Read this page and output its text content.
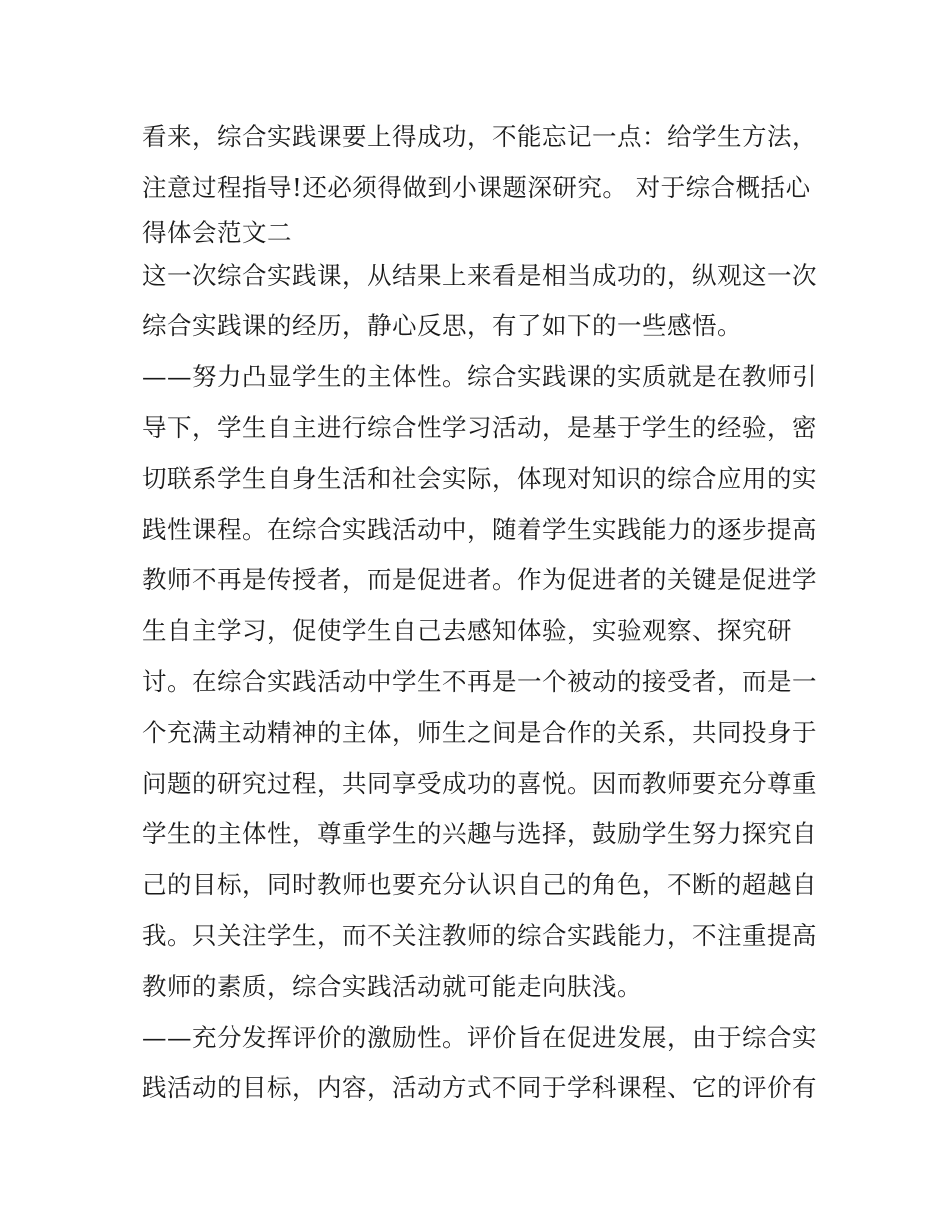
看来，综合实践课要上得成功，不能忘记一点：给学生方法，
注意过程指导!还必须得做到小课题深研究。 对于综合概括心
得体会范文二
这一次综合实践课，从结果上来看是相当成功的，纵观这一次
综合实践课的经历，静心反思，有了如下的一些感悟。
——努力凸显学生的主体性。综合实践课的实质就是在教师引
导下，学生自主进行综合性学习活动，是基于学生的经验，密
切联系学生自身生活和社会实际，体现对知识的综合应用的实
践性课程。在综合实践活动中，随着学生实践能力的逐步提高
教师不再是传授者，而是促进者。作为促进者的关键是促进学
生自主学习，促使学生自己去感知体验，实验观察、探究研
讨。在综合实践活动中学生不再是一个被动的接受者，而是一
个充满主动精神的主体，师生之间是合作的关系，共同投身于
问题的研究过程，共同享受成功的喜悦。因而教师要充分尊重
学生的主体性，尊重学生的兴趣与选择，鼓励学生努力探究自
己的目标，同时教师也要充分认识自己的角色，不断的超越自
我。只关注学生，而不关注教师的综合实践能力，不注重提高
教师的素质，综合实践活动就可能走向肤浅。
——充分发挥评价的激励性。评价旨在促进发展，由于综合实
践活动的目标，内容，活动方式不同于学科课程、它的评价有
